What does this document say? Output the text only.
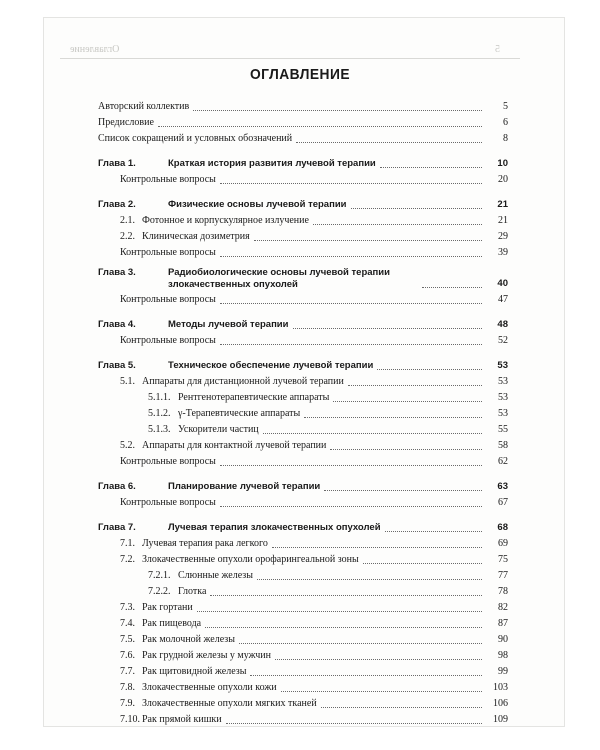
Оглавление	5
ОГЛАВЛЕНИЕ
Авторский коллектив	5
Предисловие	6
Список сокращений и условных обозначений	8
Глава 1.	Краткая история развития лучевой терапии	10
Контрольные вопросы	20
Глава 2.	Физические основы лучевой терапии	21
2.1. Фотонное и корпускулярное излучение	21
2.2. Клиническая дозиметрия	29
Контрольные вопросы	39
Глава 3.	Радиобиологические основы лучевой терапии злокачественных опухолей	40
Контрольные вопросы	47
Глава 4.	Методы лучевой терапии	48
Контрольные вопросы	52
Глава 5.	Техническое обеспечение лучевой терапии	53
5.1. Аппараты для дистанционной лучевой терапии	53
5.1.1. Рентгенотерапевтические аппараты	53
5.1.2. γ-Терапевтические аппараты	53
5.1.3. Ускорители частиц	55
5.2. Аппараты для контактной лучевой терапии	58
Контрольные вопросы	62
Глава 6.	Планирование лучевой терапии	63
Контрольные вопросы	67
Глава 7.	Лучевая терапия злокачественных опухолей	68
7.1. Лучевая терапия рака легкого	69
7.2. Злокачественные опухоли орофарингеальной зоны	75
7.2.1. Слюнные железы	77
7.2.2. Глотка	78
7.3. Рак гортани	82
7.4. Рак пищевода	87
7.5. Рак молочной железы	90
7.6. Рак грудной железы у мужчин	98
7.7. Рак щитовидной железы	99
7.8. Злокачественные опухоли кожи	103
7.9. Злокачественные опухоли мягких тканей	106
7.10. Рак прямой кишки	109
